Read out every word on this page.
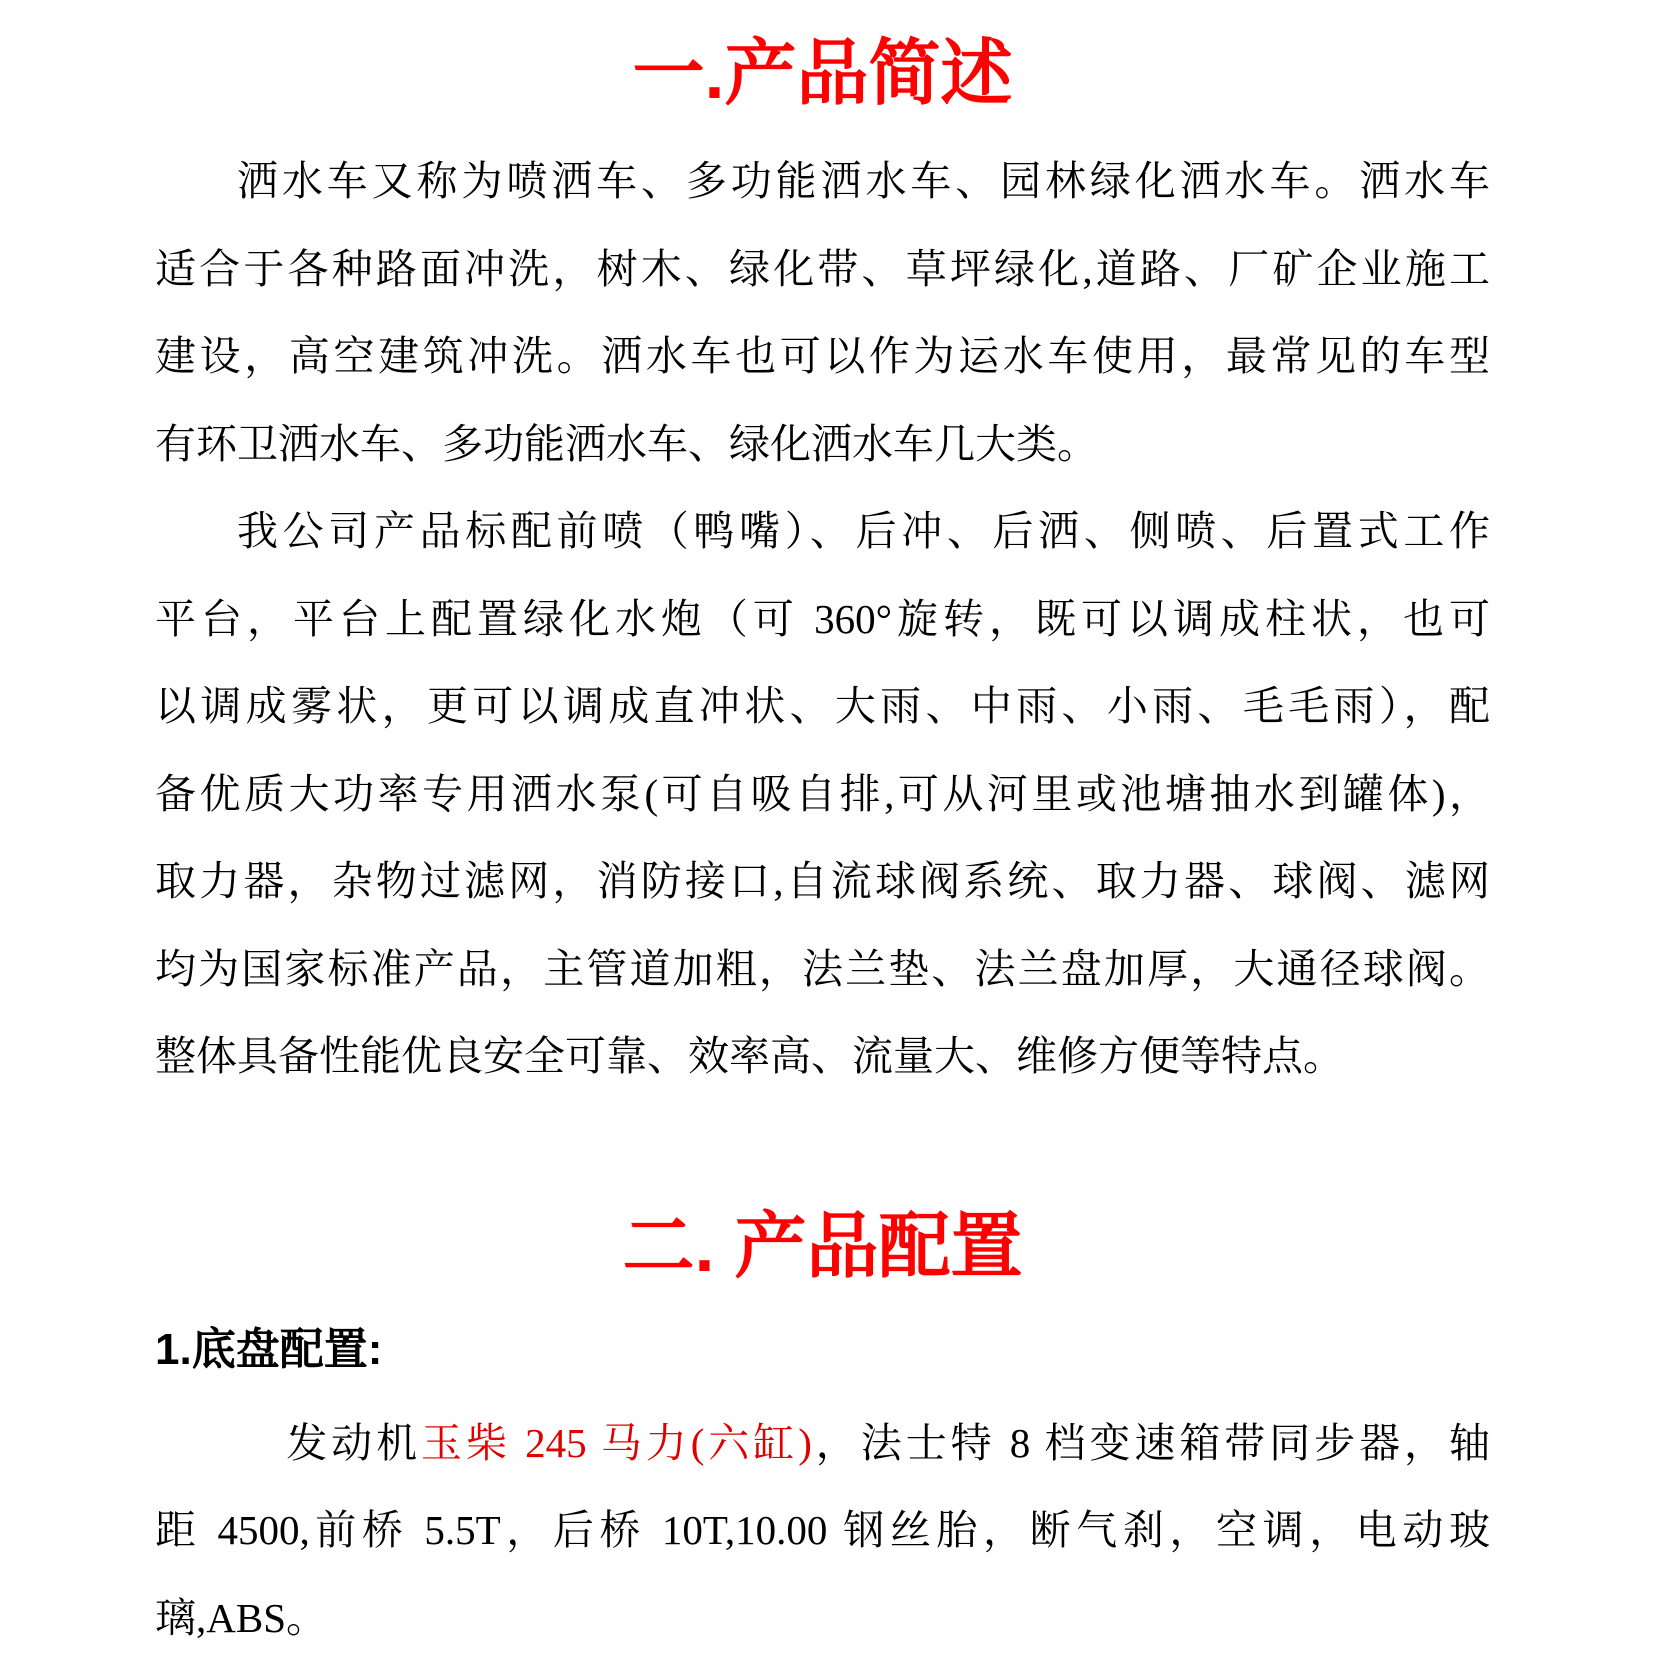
一.产品简述
洒水车又称为喷洒车、多功能洒水车、园林绿化洒水车。洒水车
适合于各种路面冲洗，树木、绿化带、草坪绿化,道路、厂矿企业施工
建设，高空建筑冲洗。洒水车也可以作为运水车使用，最常见的车型
有环卫洒水车、多功能洒水车、绿化洒水车几大类。
我公司产品标配前喷（鸭嘴）、后冲、后洒、侧喷、后置式工作
平台，平台上配置绿化水炮（可 360°旋转，既可以调成柱状，也可
以调成雾状，更可以调成直冲状、大雨、中雨、小雨、毛毛雨），配
备优质大功率专用洒水泵(可自吸自排,可从河里或池塘抽水到罐体)，
取力器，杂物过滤网，消防接口,自流球阀系统、取力器、球阀、滤网
均为国家标准产品，主管道加粗，法兰垫、法兰盘加厚，大通径球阀。
整体具备性能优良安全可靠、效率高、流量大、维修方便等特点。
二. 产品配置
1.底盘配置:
发动机玉柴 245 马力(六缸)，法士特 8 档变速箱带同步器，轴
距 4500,前桥 5.5T，后桥 10T,10.00 钢丝胎，断气刹，空调，电动玻
璃,ABS。
